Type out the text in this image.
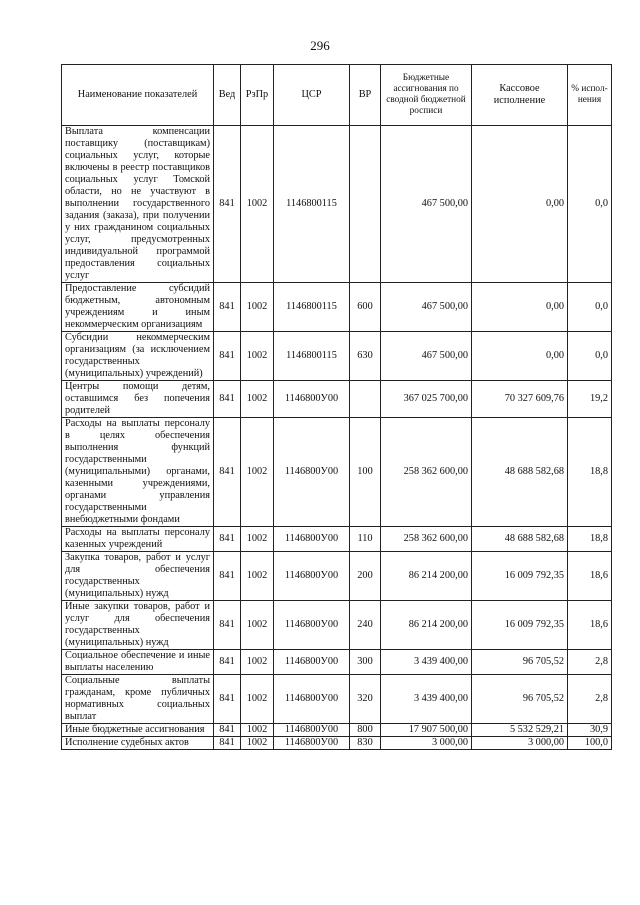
296
Наименование показателей	Вед	РзПр	ЦСР	ВР	Бюджетные ассигнования по сводной бюджетной росписи	Кассовое исполнение	% испол-нения
Выплата компенсации поставщику (поставщикам) социальных услуг, которые включены в реестр поставщиков социальных услуг Томской области, но не участвуют в выполнении государственного задания (заказа), при получении у них гражданином социальных услуг, предусмотренных индивидуальной программой предоставления социальных услуг	841	1002	1146800115		467 500,00	0,00	0,0
Предоставление субсидий бюджетным, автономным учреждениям и иным некоммерческим организациям	841	1002	1146800115	600	467 500,00	0,00	0,0
Субсидии некоммерческим организациям (за исключением государственных (муниципальных) учреждений)	841	1002	1146800115	630	467 500,00	0,00	0,0
Центры помощи детям, оставшимся без попечения родителей	841	1002	1146800У00		367 025 700,00	70 327 609,76	19,2
Расходы на выплаты персоналу в целях обеспечения выполнения функций государственными (муниципальными) органами, казенными учреждениями, органами управления государственными внебюджетными фондами	841	1002	1146800У00	100	258 362 600,00	48 688 582,68	18,8
Расходы на выплаты персоналу казенных учреждений	841	1002	1146800У00	110	258 362 600,00	48 688 582,68	18,8
Закупка товаров, работ и услуг для обеспечения государственных (муниципальных) нужд	841	1002	1146800У00	200	86 214 200,00	16 009 792,35	18,6
Иные закупки товаров, работ и услуг для обеспечения государственных (муниципальных) нужд	841	1002	1146800У00	240	86 214 200,00	16 009 792,35	18,6
Социальное обеспечение и иные выплаты населению	841	1002	1146800У00	300	3 439 400,00	96 705,52	2,8
Социальные выплаты гражданам, кроме публичных нормативных социальных выплат	841	1002	1146800У00	320	3 439 400,00	96 705,52	2,8
Иные бюджетные ассигнования	841	1002	1146800У00	800	17 907 500,00	5 532 529,21	30,9
Исполнение судебных актов	841	1002	1146800У00	830	3 000,00	3 000,00	100,0
